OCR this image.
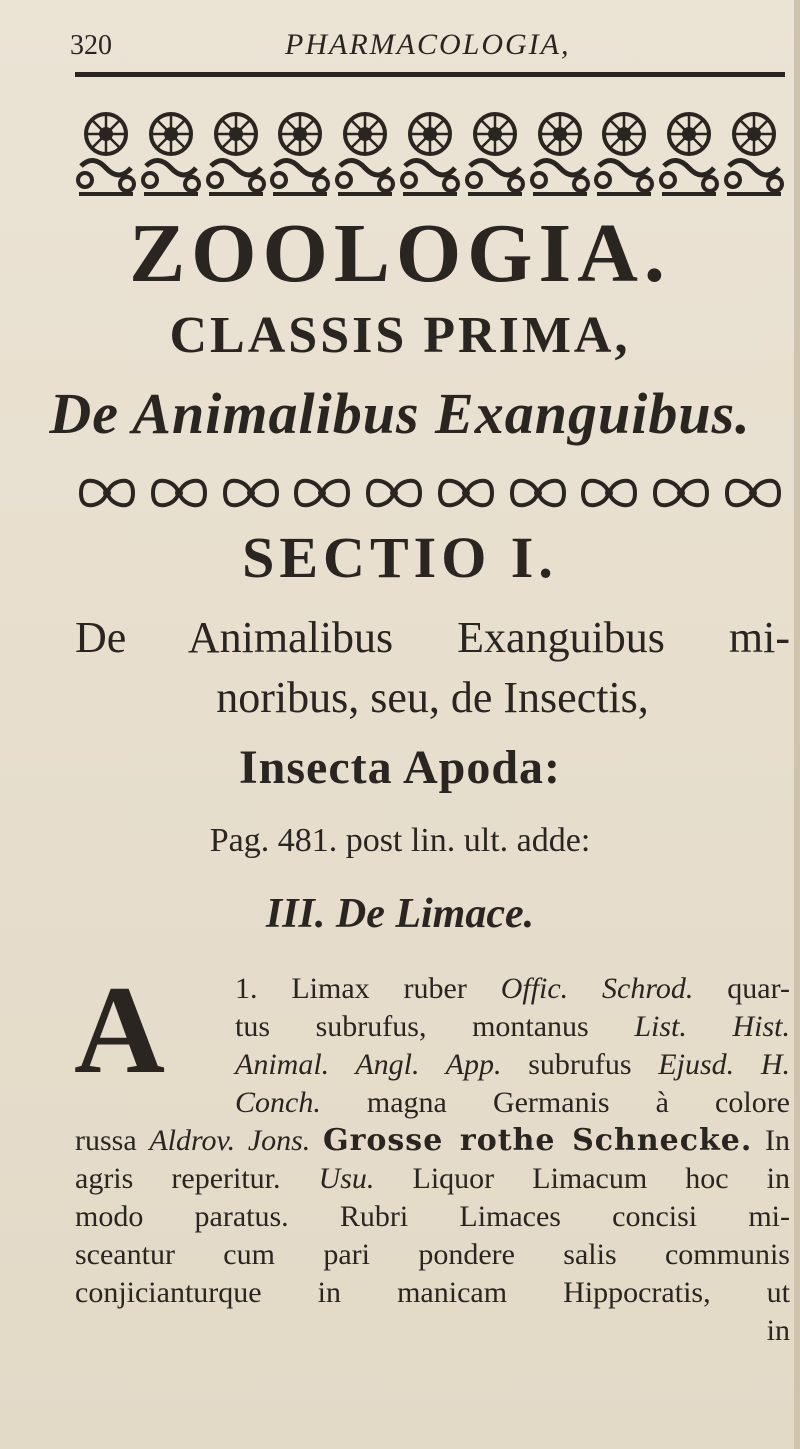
320	PHARMACOLOGIA,
ZOOLOGIA.
CLASSIS PRIMA,
De Animalibus Exanguibus.
SECTIO I.
De Animalibus Exanguibus mi-
noribus, seu, de Insectis,
Insecta Apoda:

Pag. 481. post lin. ult. adde:

III. De Limace.
A 1. Limax ruber Offic. Schrod. quar-
tus subrufus, montanus List. Hist.
Animal. Angl. App. subrufus Ejusd. H.
Conch. magna Germanis à colore
russa Aldrov. Jons. Grosse rothe Schnecke. In
agris reperitur. Usu. Liquor Limacum hoc in
modo paratus. Rubri Limaces concisi mi-
sceantur cum pari pondere salis communis
conjicianturque in manicam Hippocratis, ut
in
